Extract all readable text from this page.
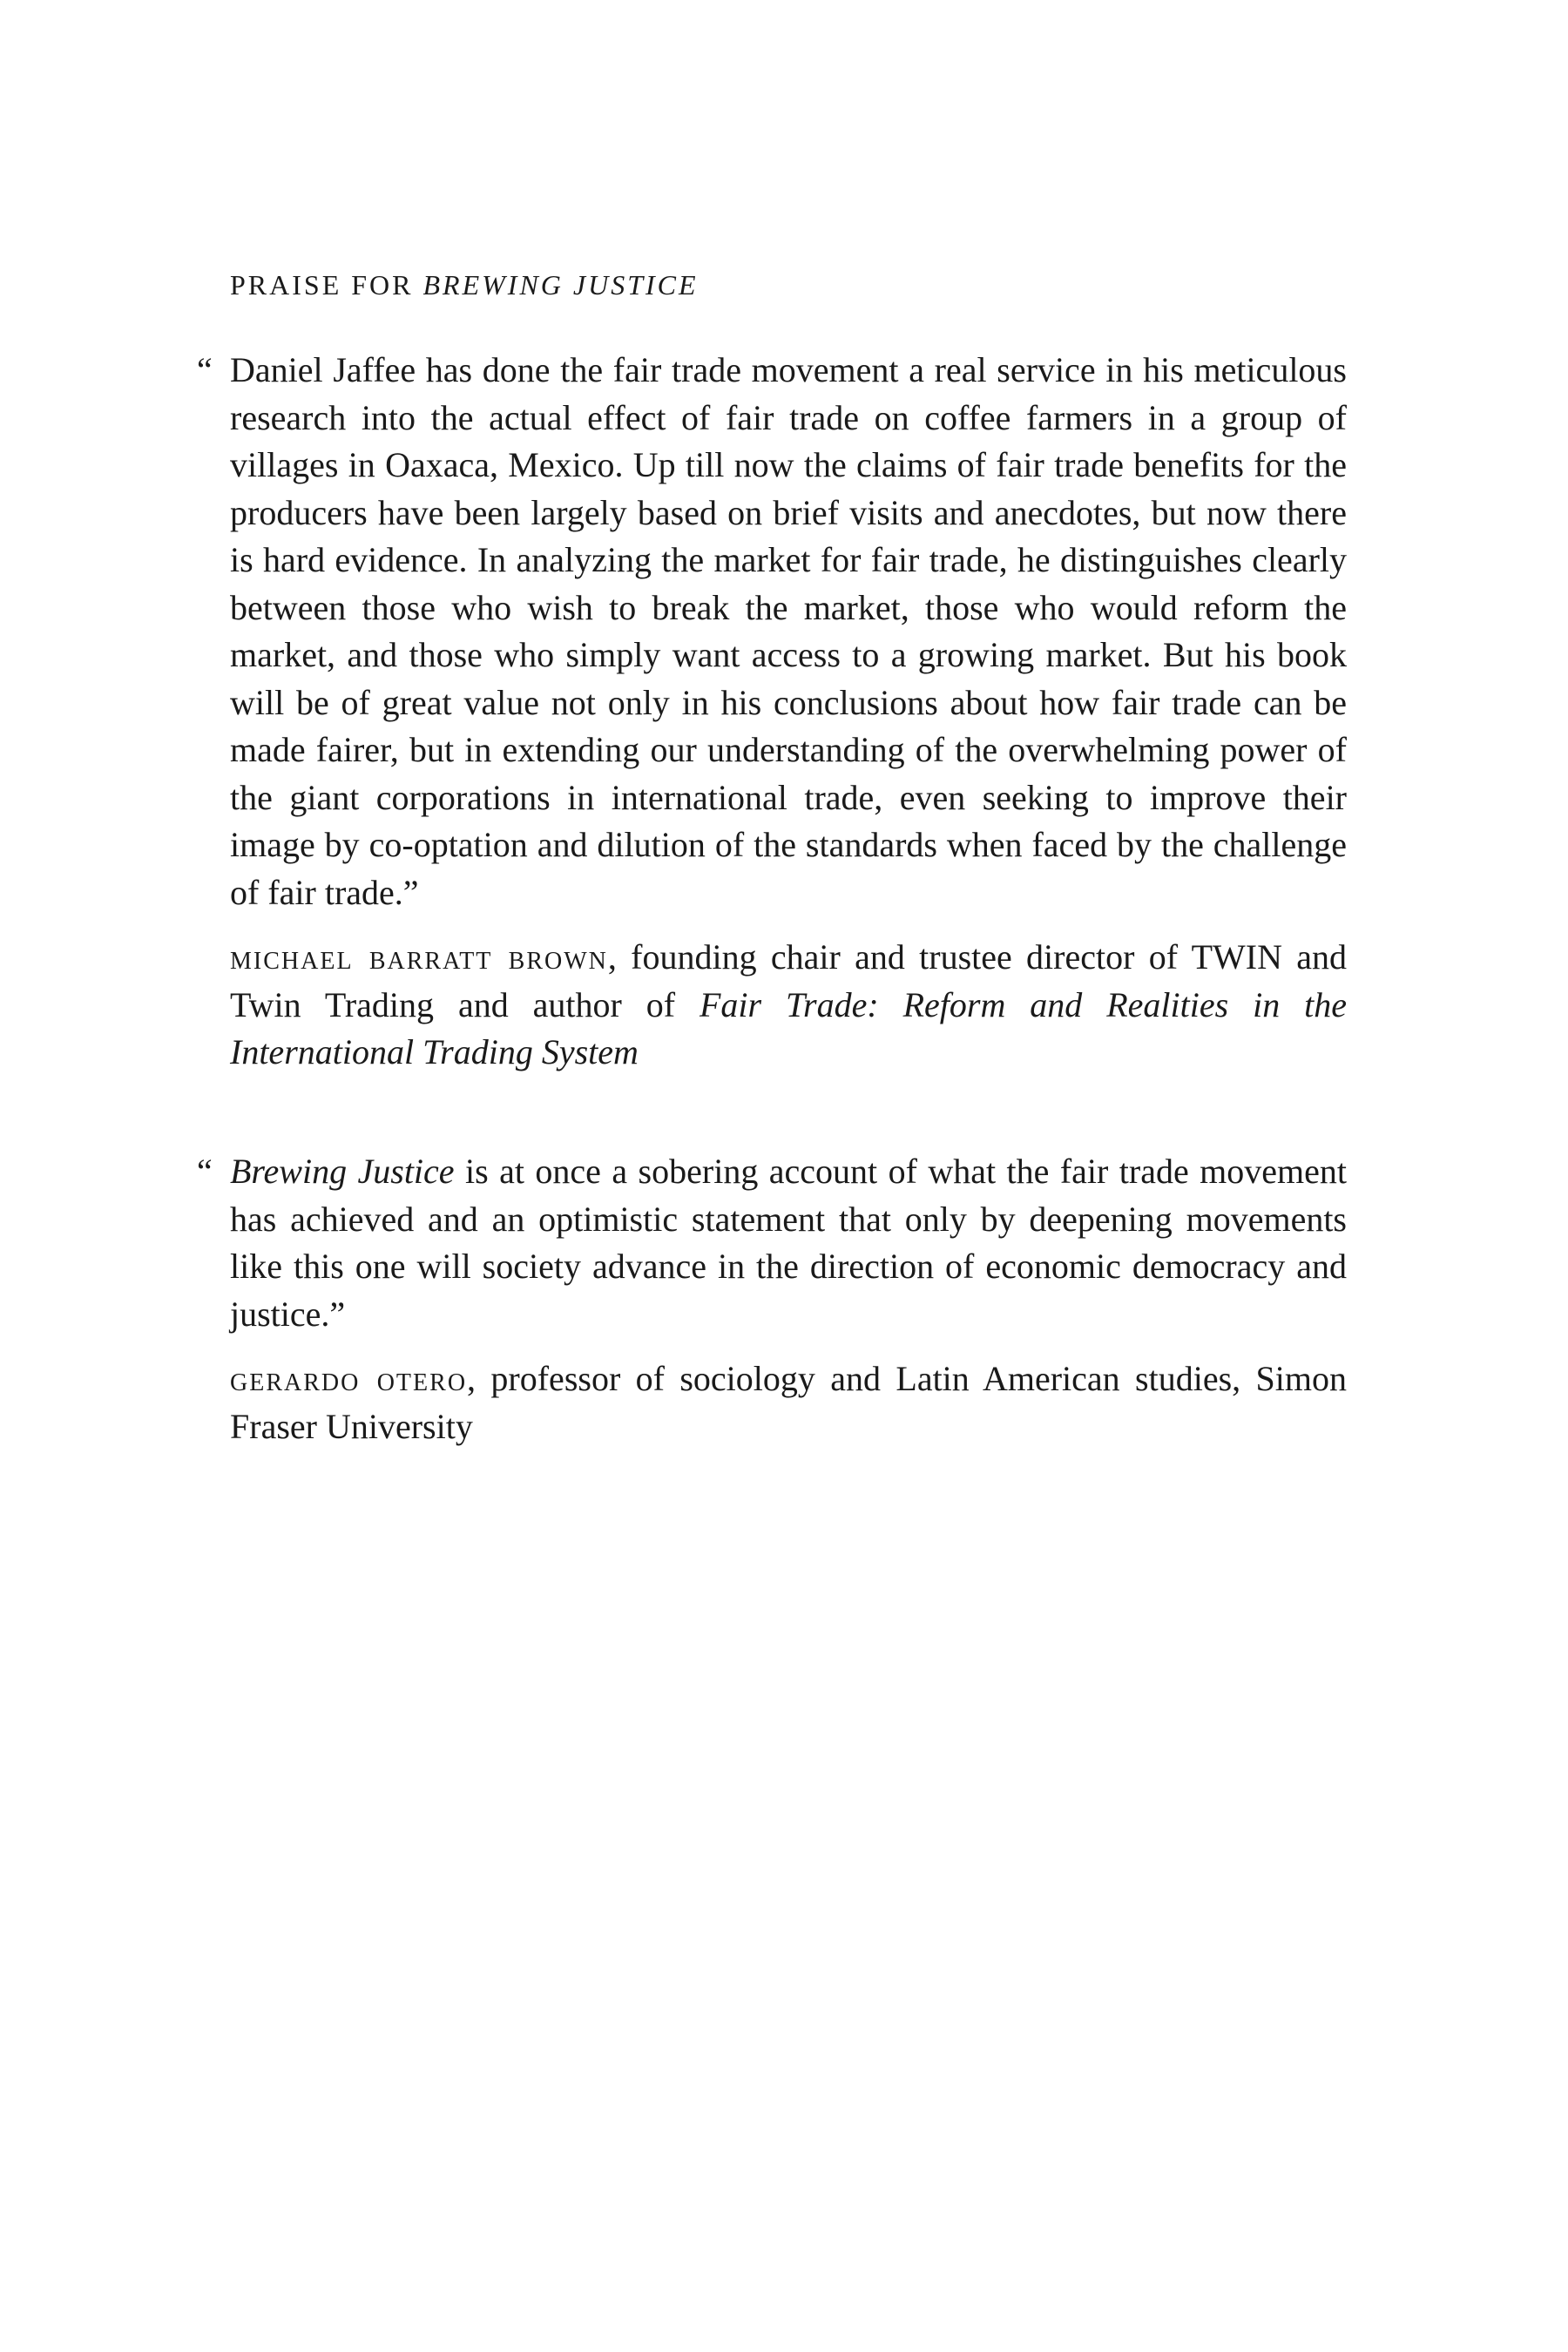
PRAISE FOR BREWING JUSTICE

“ Daniel Jaffee has done the fair trade movement a real service in his meticulous research into the actual effect of fair trade on coffee farmers in a group of villages in Oaxaca, Mexico. Up till now the claims of fair trade benefits for the producers have been largely based on brief visits and anecdotes, but now there is hard evidence. In analyzing the market for fair trade, he distinguishes clearly between those who wish to break the market, those who would reform the market, and those who simply want access to a growing market. But his book will be of great value not only in his conclusions about how fair trade can be made fairer, but in extending our understanding of the overwhelming power of the giant corporations in international trade, even seeking to improve their image by co-optation and dilution of the standards when faced by the challenge of fair trade.”

michael barratt brown, founding chair and trustee director of TWIN and Twin Trading and author of Fair Trade: Reform and Realities in the International Trading System

“ Brewing Justice is at once a sobering account of what the fair trade movement has achieved and an optimistic statement that only by deepening movements like this one will society advance in the direction of economic democracy and justice.”

gerardo otero, professor of sociology and Latin American studies, Simon Fraser University
